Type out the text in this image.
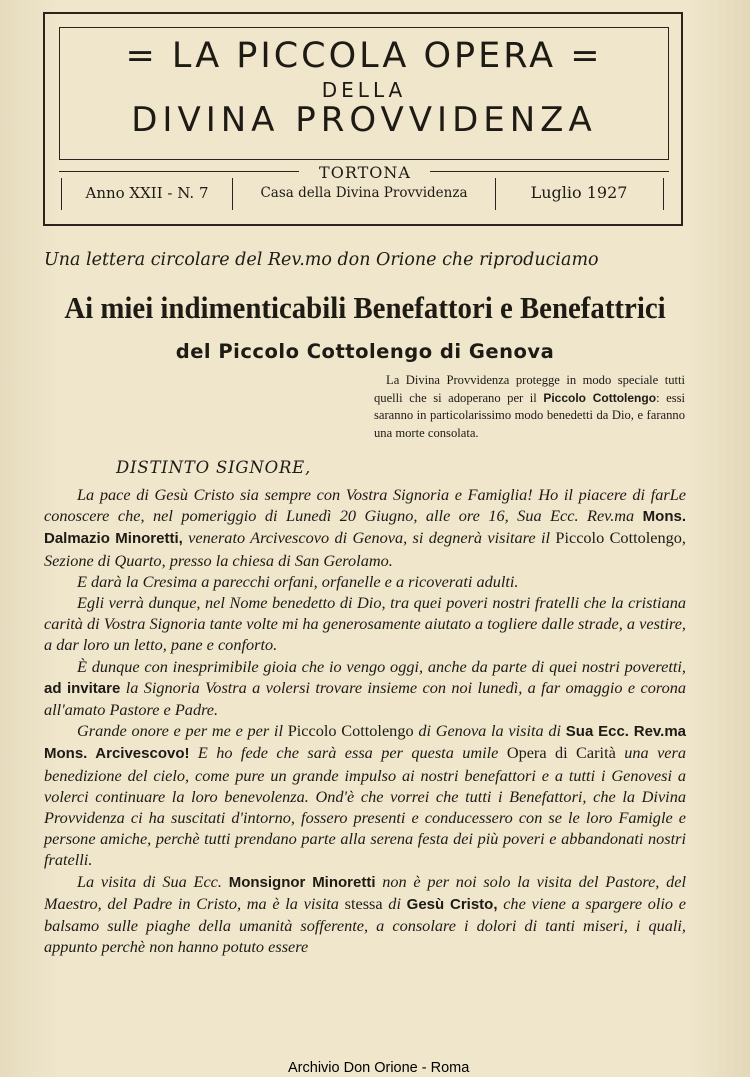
= LA PICCOLA OPERA =
DELLA
DIVINA PROVVIDENZA
TORTONA
Anno XXII - N. 7	Casa della Divina Provvidenza	Luglio 1927
Una lettera circolare del Rev.mo don Orione che riproduciamo
Ai miei indimenticabili Benefattori e Benefattrici
del Piccolo Cottolengo di Genova

La Divina Provvidenza protegge in modo speciale tutti quelli che si adoperano per il Piccolo Cottolengo: essi saranno in particolarissimo modo benedetti da Dio, e faranno una morte consolata.

DISTINTO SIGNORE,

La pace di Gesù Cristo sia sempre con Vostra Signoria e Famiglia! Ho il piacere di farLe conoscere che, nel pomeriggio di Lunedì 20 Giugno, alle ore 16, Sua Ecc. Rev.ma Mons. Dalmazio Minoretti, venerato Arcivescovo di Genova, si degnerà visitare il Piccolo Cottolengo, Sezione di Quarto, presso la chiesa di San Gerolamo.

E darà la Cresima a parecchi orfani, orfanelle e a ricoverati adulti.

Egli verrà dunque, nel Nome benedetto di Dio, tra quei poveri nostri fratelli che la cristiana carità di Vostra Signoria tante volte mi ha generosamente aiutato a togliere dalle strade, a vestire, a dar loro un letto, pane e conforto.

È dunque con inesprimibile gioia che io vengo oggi, anche da parte di quei nostri poveretti, ad invitare la Signoria Vostra a volersi trovare insieme con noi lunedì, a far omaggio e corona all'amato Pastore e Padre.

Grande onore e per me e per il Piccolo Cottolengo di Genova la visita di Sua Ecc. Rev.ma Mons. Arcivescovo! E ho fede che sarà essa per questa umile Opera di Carità una vera benedizione del cielo, come pure un grande impulso ai nostri benefattori e a tutti i Genovesi a volerci continuare la loro benevolenza. Ond'è che vorrei che tutti i Benefattori, che la Divina Provvidenza ci ha suscitati d'intorno, fossero presenti e conducessero con se le loro Famigle e persone amiche, perchè tutti prendano parte alla serena festa dei più poveri e abbandonati nostri fratelli.

La visita di Sua Ecc. Monsignor Minoretti non è per noi solo la visita del Pastore, del Maestro, del Padre in Cristo, ma è la visita stessa di Gesù Cristo, che viene a spargere olio e balsamo sulle piaghe della umanità sofferente, a consolare i dolori di tanti miseri, i quali, appunto perchè non hanno potuto essere

Archivio Don Orione - Roma
